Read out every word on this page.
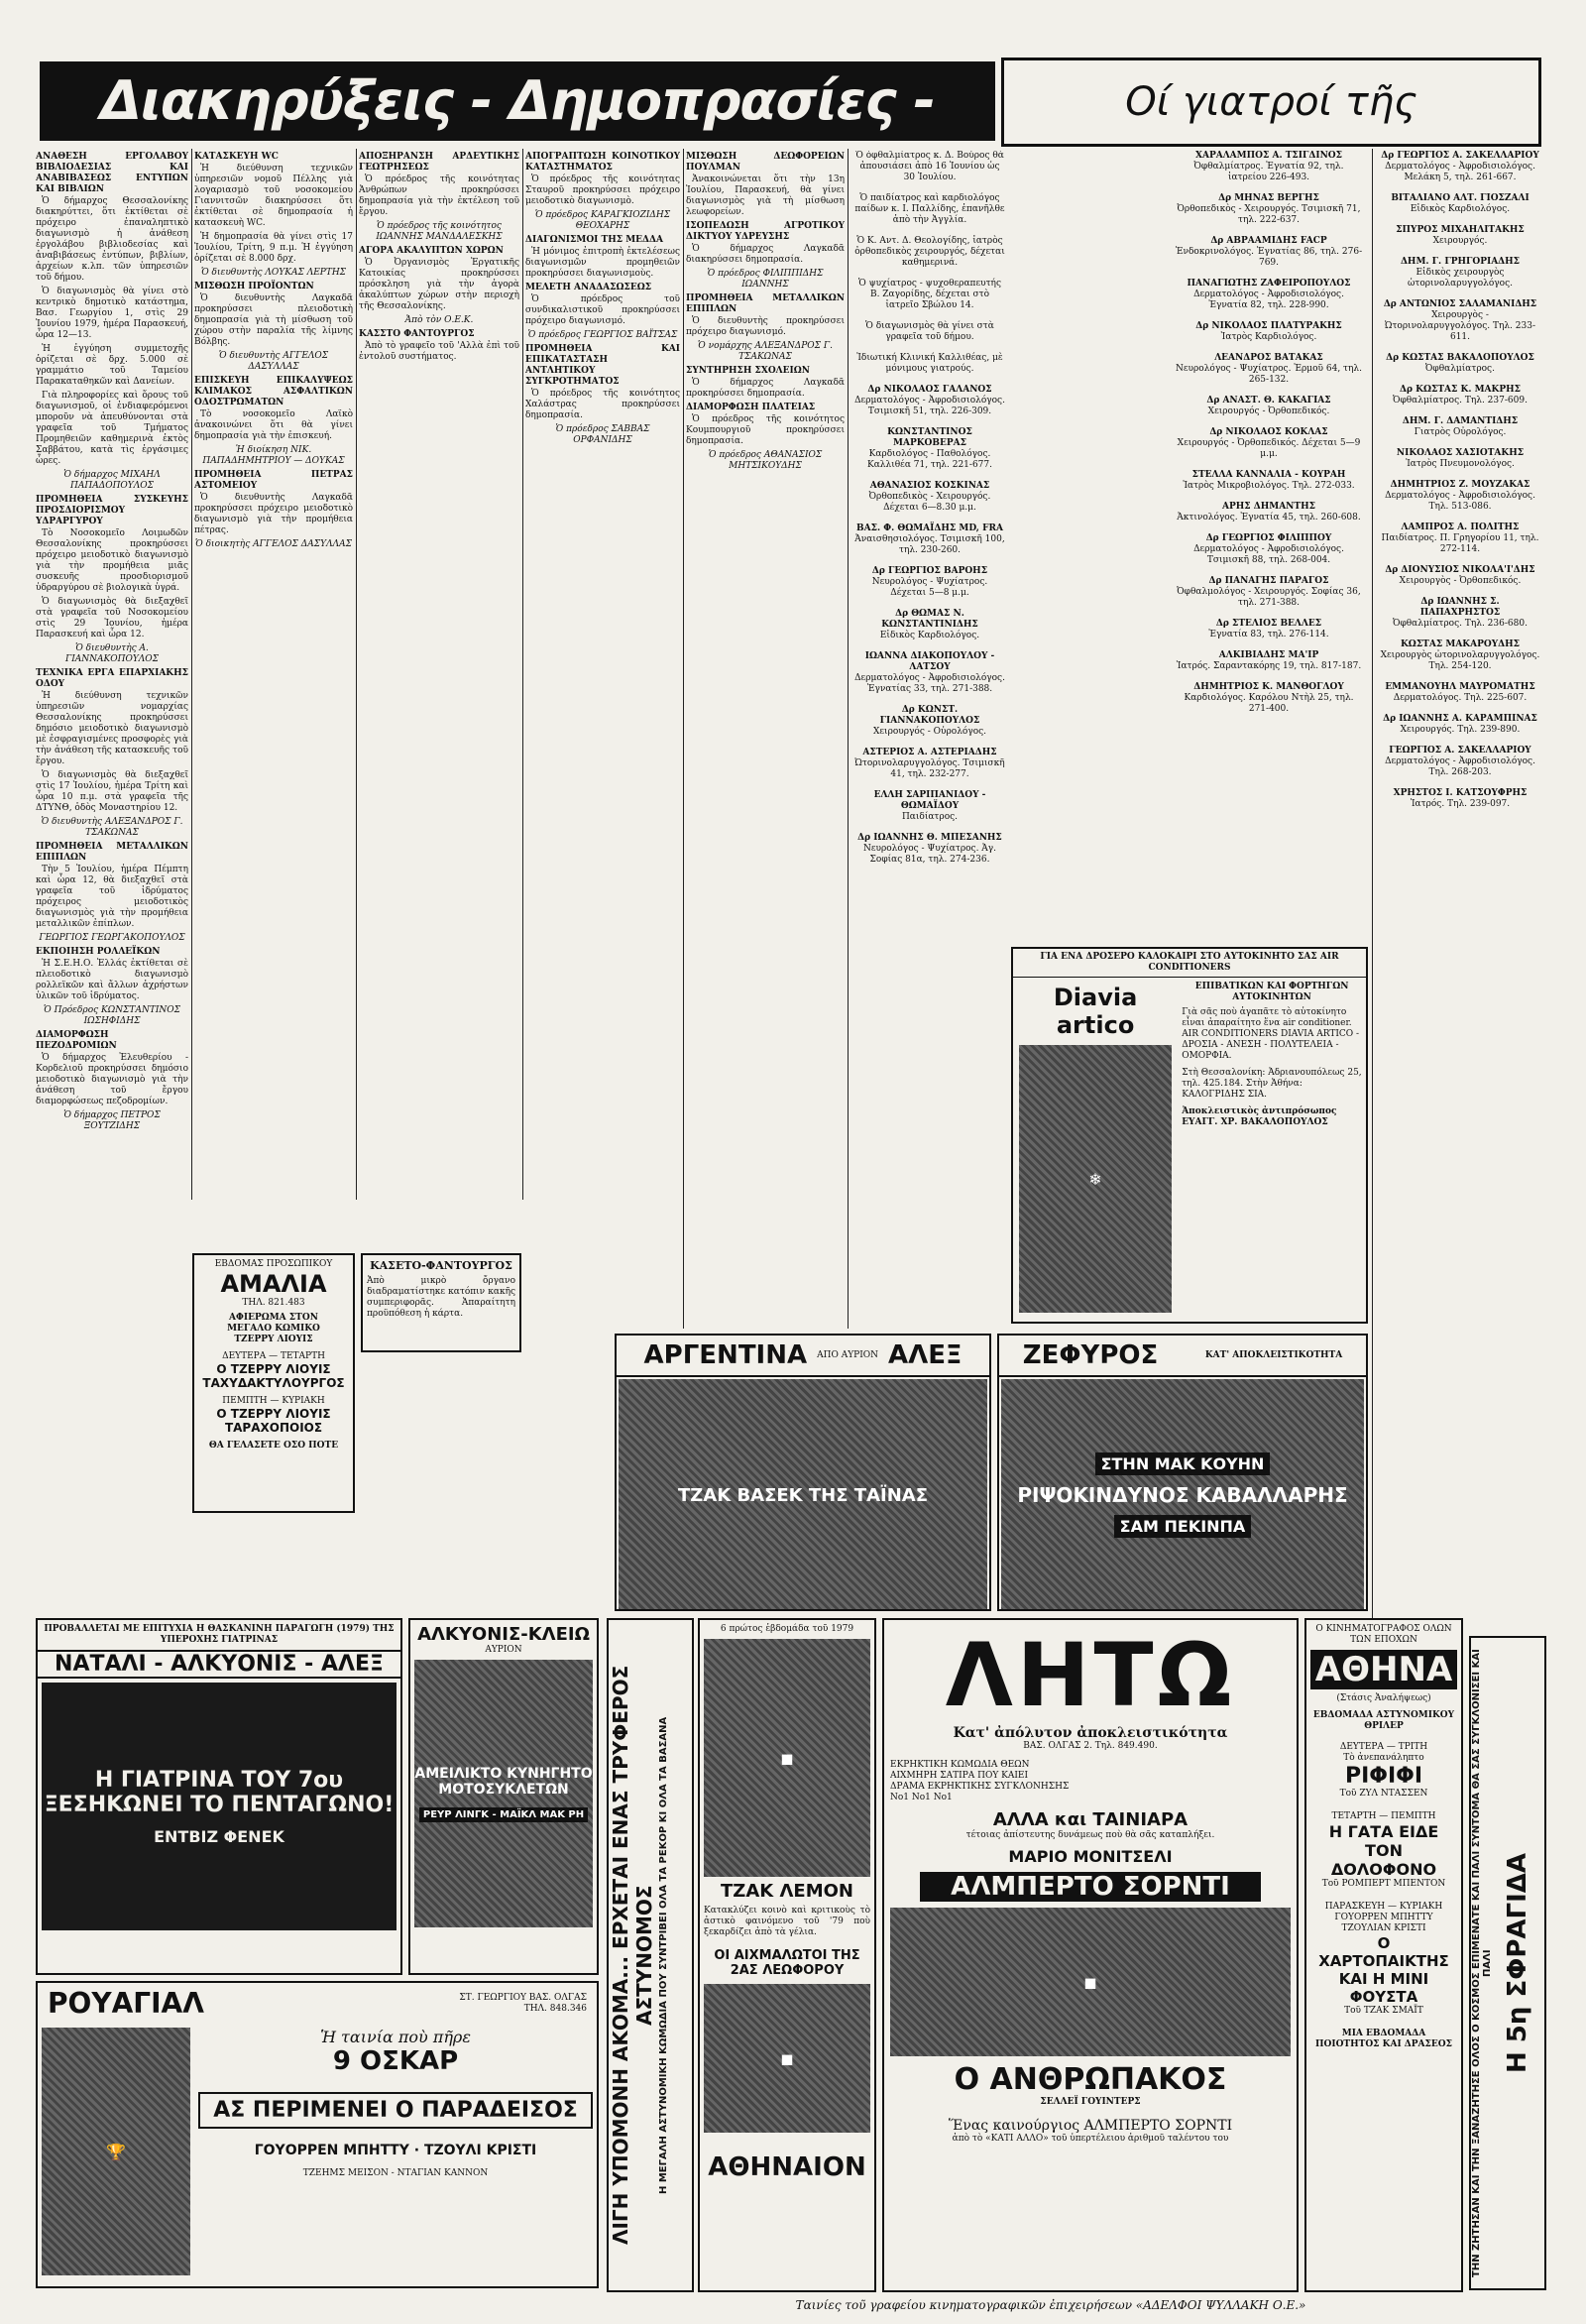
Διακηρύξεις - Δημοπρασίες -	Οί γιατροί τῆς
ΑΝΑΘΕΣΗ ΕΡΓΟΛΑΒΟΥ ΒΙΒΛΙΟΔΕΣΙΑΣ ΚΑΙ ΑΝΑΒΙΒΑΣΕΩΣ ΕΝΤΥΠΩΝ ΚΑΙ ΒΙΒΛΙΩΝ

Ὁ δήμαρχος Θεσσαλονίκης διακηρύττει, ὅτι ἐκτίθεται σὲ πρόχειρο ἐπαναληπτικὸ διαγωνισμὸ ἡ ἀνάθεση ἐργολάβου βιβλιοδεσίας καὶ ἀναβιβάσεως ἐντύπων, βιβλίων, ἀρχείων κ.λπ. τῶν ὑπηρεσιῶν τοῦ δήμου.

Ὁ διαγωνισμὸς θὰ γίνει στὸ κεντρικὸ δημοτικὸ κατάστημα, Βασ. Γεωργίου 1, στὶς 29 Ἰουνίου 1979, ἡμέρα Παρασκευή, ὧρα 12—13.

Ἡ ἐγγύηση συμμετοχῆς ὁρίζεται σὲ δρχ. 5.000 σὲ γραμμάτιο τοῦ Ταμείου Παρακαταθηκῶν καὶ Δανείων.

Γιὰ πληροφορίες καὶ ὅρους τοῦ διαγωνισμοῦ, οἱ ἐνδιαφερόμενοι μποροῦν νὰ ἀπευθύνονται στὰ γραφεῖα τοῦ Τμήματος Προμηθειῶν καθημερινὰ ἐκτὸς Σαββάτου, κατὰ τὶς ἐργάσιμες ὧρες.

Ὁ δήμαρχος ΜΙΧΑΗΛ ΠΑΠΑΔΟΠΟΥΛΟΣ

ΠΡΟΜΗΘΕΙΑ ΣΥΣΚΕΥΗΣ ΠΡΟΣΔΙΟΡΙΣΜΟΥ ΥΔΡΑΡΓΥΡΟΥ

Τὸ Νοσοκομεῖο Λοιμωδῶν Θεσσαλονίκης προκηρύσσει πρόχειρο μειοδοτικὸ διαγωνισμὸ γιὰ τὴν προμήθεια μιᾶς συσκευῆς προσδιορισμοῦ ὑδραργύρου σὲ βιολογικὰ ὑγρά.

Ὁ διαγωνισμὸς θὰ διεξαχθεῖ στὰ γραφεῖα τοῦ Νοσοκομείου στὶς 29 Ἰουνίου, ἡμέρα Παρασκευή καὶ ὧρα 12.

Ὁ διευθυντὴς Α. ΓΙΑΝΝΑΚΟΠΟΥΛΟΣ

ΤΕΧΝΙΚΑ ΕΡΓΑ ΕΠΑΡΧΙΑΚΗΣ ΟΔΟΥ

Ἡ διεύθυνση τεχνικῶν ὑπηρεσιῶν νομαρχίας Θεσσαλονίκης προκηρύσσει δημόσιο μειοδοτικὸ διαγωνισμὸ μὲ ἐσφραγισμένες προσφορὲς γιὰ τὴν ἀνάθεση τῆς κατασκευῆς τοῦ ἔργου.

Ὁ διαγωνισμὸς θὰ διεξαχθεῖ στὶς 17 Ἰουλίου, ἡμέρα Τρίτη καὶ ὧρα 10 π.μ. στὰ γραφεῖα τῆς ΔΤΥΝΘ, ὁδὸς Μοναστηρίου 12.

Ὁ διευθυντὴς ΑΛΕΞΑΝΔΡΟΣ Γ. ΤΣΑΚΩΝΑΣ

ΠΡΟΜΗΘΕΙΑ ΜΕΤΑΛΛΙΚΩΝ ΕΠΙΠΛΩΝ

Τὴν 5 Ἰουλίου, ἡμέρα Πέμπτη καὶ ὧρα 12, θὰ διεξαχθεῖ στὰ γραφεῖα τοῦ ἱδρύματος πρόχειρος μειοδοτικὸς διαγωνισμὸς γιὰ τὴν προμήθεια μεταλλικῶν ἐπίπλων.

ΓΕΩΡΓΙΟΣ ΓΕΩΡΓΑΚΟΠΟΥΛΟΣ

ΕΚΠΟΙΗΣΗ ΡΟΛΛΕΪΚΩΝ

Ἡ Σ.Ε.Η.Ο. Ἑλλάς ἐκτίθεται σὲ πλειοδοτικὸ διαγωνισμὸ ρολλεϊκῶν καὶ ἄλλων ἀχρήστων ὑλικῶν τοῦ ἱδρύματος.

Ὁ Πρόεδρος ΚΩΝΣΤΑΝΤΙΝΟΣ ΙΩΣΗΦΙΔΗΣ

ΔΙΑΜΟΡΦΩΣΗ ΠΕΖΟΔΡΟΜΙΩΝ

Ὁ δήμαρχος Ἐλευθερίου - Κορδελιοῦ προκηρύσσει δημόσιο μειοδοτικὸ διαγωνισμὸ γιὰ τὴν ἀνάθεση τοῦ ἔργου διαμορφώσεως πεζοδρομίων.

Ὁ δήμαρχος ΠΕΤΡΟΣ ΞΟΥΤΖΙΔΗΣ

ΚΑΤΑΣΚΕΥΗ WC

Ἡ διεύθυνση τεχνικῶν ὑπηρεσιῶν νομοῦ Πέλλης γιὰ λογαριασμὸ τοῦ νοσοκομείου Γιαννιτσῶν διακηρύσσει ὅτι ἐκτίθεται σὲ δημοπρασία ἡ κατασκευὴ WC.

Ἡ δημοπρασία θὰ γίνει στὶς 17 Ἰουλίου, Τρίτη, 9 π.μ. Ἡ ἐγγύηση ὁρίζεται σὲ 8.000 δρχ.

Ὁ διευθυντὴς ΛΟΥΚΑΣ ΛΕΡΤΗΣ

ΜΙΣΘΩΣΗ ΠΡΟΪΟΝΤΩΝ

Ὁ διευθυντὴς Λαγκαδᾶ προκηρύσσει πλειοδοτικὴ δημοπρασία γιὰ τὴ μίσθωση τοῦ χώρου στὴν παραλία τῆς λίμνης Βόλβης.

Ὁ διευθυντὴς ΑΓΓΕΛΟΣ ΔΑΣΥΛΛΑΣ

ΕΠΙΣΚΕΥΗ ΕΠΙΚΑΛΥΨΕΩΣ ΚΛΙΜΑΚΟΣ ΑΣΦΑΛΤΙΚΩΝ ΟΔΟΣΤΡΩΜΑΤΩΝ

Τὸ νοσοκομεῖο Λαϊκὸ ἀνακοινώνει ὅτι θὰ γίνει δημοπρασία γιὰ τὴν ἐπισκευή.

Ἡ διοίκηση ΝΙΚ. ΠΑΠΑΔΗΜΗΤΡΙΟΥ — ΔΟΥΚΑΣ

ΠΡΟΜΗΘΕΙΑ ΠΕΤΡΑΣ ΑΣΤΟΜΕΙΟΥ

Ὁ διευθυντὴς Λαγκαδᾶ προκηρύσσει πρόχειρο μειοδοτικὸ διαγωνισμὸ γιὰ τὴν προμήθεια πέτρας.

Ὁ διοικητὴς ΑΓΓΕΛΟΣ ΔΑΣΥΛΛΑΣ

ΑΠΟΞΗΡΑΝΣΗ ΑΡΔΕΥΤΙΚΗΣ ΓΕΩΤΡΗΣΕΩΣ

Ὁ πρόεδρος τῆς κοινότητας Ἀνθρώπων προκηρύσσει δημοπρασία γιὰ τὴν ἐκτέλεση τοῦ ἔργου.

Ὁ πρόεδρος τῆς κοινότητος ΙΩΑΝΝΗΣ ΜΑΝΔΑΛΕΣΚΗΣ

ΑΓΟΡΑ ΑΚΑΛΥΠΤΩΝ ΧΩΡΩΝ

Ὁ Ὀργανισμὸς Ἐργατικῆς Κατοικίας προκηρύσσει πρόσκληση γιὰ τὴν ἀγορὰ ἀκαλύπτων χώρων στὴν περιοχὴ τῆς Θεσσαλονίκης.

Ἀπὸ τὸν Ο.Ε.Κ.

ΚΑΣΣΤΟ ΦΑΝΤΟΥΡΓΟΣ

Ἀπὸ τὸ γραφεῖο τοῦ 'Αλλὰ ἐπὶ τοῦ ἐντολοῦ συστήματος.

ΑΠΟΓΡΑΠΤΩΣΗ ΚΟΙΝΟΤΙΚΟΥ ΚΑΤΑΣΤΗΜΑΤΟΣ

Ὁ πρόεδρος τῆς κοινότητας Σταυροῦ προκηρύσσει πρόχειρο μειοδοτικὸ διαγωνισμὸ.

Ὁ πρόεδρος ΚΑΡΑΓΚΙΟΖΙΔΗΣ ΘΕΟΧΑΡΗΣ

ΔΙΑΓΩΝΙΣΜΟΙ ΤΗΣ ΜΕΔΔΑ

Ἡ μόνιμος ἐπιτροπὴ ἐκτελέσεως διαγωνισμῶν προμηθειῶν προκηρύσσει διαγωνισμοὺς.

ΜΕΛΕΤΗ ΑΝΑΔΑΣΩΣΕΩΣ

Ὁ πρόεδρος τοῦ συνδικαλιστικοῦ προκηρύσσει πρόχειρο διαγωνισμό.

Ὁ πρόεδρος ΓΕΩΡΓΙΟΣ ΒΑΪΤΣΑΣ

ΠΡΟΜΗΘΕΙΑ ΚΑΙ ΕΠΙΚΑΤΑΣΤΑΣΗ ΑΝΤΛΗΤΙΚΟΥ ΣΥΓΚΡΟΤΗΜΑΤΟΣ

Ὁ πρόεδρος τῆς κοινότητος Χαλάστρας προκηρύσσει δημοπρασία.

Ὁ πρόεδρος ΣΑΒΒΑΣ ΟΡΦΑΝΙΔΗΣ

ΜΙΣΘΩΣΗ ΔΕΩΦΟΡΕΙΩΝ ΠΟΥΛΜΑΝ

Ἀνακοινώνεται ὅτι τὴν 13η Ἰουλίου, Παρασκευή, θὰ γίνει διαγωνισμὸς γιὰ τὴ μίσθωση λεωφορείων.

ΙΣΟΠΕΔΩΣΗ ΑΓΡΟΤΙΚΟΥ ΔΙΚΤΥΟΥ ΥΔΡΕΥΣΗΣ

Ὁ δήμαρχος Λαγκαδᾶ διακηρύσσει δημοπρασία.

Ὁ πρόεδρος ΦΙΛΙΠΠΙΔΗΣ ΙΩΑΝΝΗΣ

ΠΡΟΜΗΘΕΙΑ ΜΕΤΑΛΛΙΚΩΝ ΕΠΙΠΛΩΝ

Ὁ διευθυντὴς προκηρύσσει πρόχειρο διαγωνισμό.

Ὁ νομάρχης ΑΛΕΞΑΝΔΡΟΣ Γ. ΤΣΑΚΩΝΑΣ

ΣΥΝΤΗΡΗΣΗ ΣΧΟΛΕΙΩΝ

Ὁ δήμαρχος Λαγκαδᾶ προκηρύσσει δημοπρασία.

ΔΙΑΜΟΡΦΩΣΗ ΠΛΑΤΕΙΑΣ

Ὁ πρόεδρος τῆς κοινότητος Κουμπουργιοῦ προκηρύσσει δημοπρασία.

Ὁ πρόεδρος ΑΘΑΝΑΣΙΟΣ ΜΗΤΣΙΚΟΥΔΗΣ

Ὁ ὀφθαλμίατρος κ. Δ. Βούρος θὰ ἀπουσιάσει ἀπὸ 16 Ἰουνίου ὡς 30 Ἰουλίου.
Ὁ παιδίατρος καὶ καρδιολόγος παίδων κ. Ι. Παλλίδης, ἐπανῆλθε ἀπὸ τὴν Ἀγγλία.
Ὁ Κ. Αντ. Δ. Θεολογίδης, ἰατρὸς ὀρθοπεδικὸς χειρουργός, δέχεται καθημερινά.
Ὁ ψυχίατρος - ψυχοθεραπευτής Β. Ζαγορίδης, δέχεται στὸ ἰατρεῖο Σβώλου 14.
Ὁ διαγωνισμὸς θὰ γίνει στὰ γραφεῖα τοῦ δήμου.
Ἰδιωτική Κλινική Καλλιθέας, μὲ μόνιμους γιατρούς.
Δρ ΝΙΚΟΛΑΟΣ ΓΑΛΑΝΟΣ
Δερματολόγος - Ἀφροδισιολόγος. Τσιμισκῆ 51, τηλ. 226-309.
ΚΩΝΣΤΑΝΤΙΝΟΣ ΜΑΡΚΟΒΕΡΑΣ
Καρδιολόγος - Παθολόγος. Καλλιθέα 71, τηλ. 221-677.
ΑΘΑΝΑΣΙΟΣ ΚΟΣΚΙΝΑΣ
Ὀρθοπεδικὸς - Χειρουργός. Δέχεται 6—8.30 μ.μ.
ΒΑΣ. Φ. ΘΩΜΑΪΔΗΣ MD, FRA
Ἀναισθησιολόγος. Τσιμισκῆ 100, τηλ. 230-260.
Δρ ΓΕΩΡΓΙΟΣ ΒΑΡΟΗΣ
Νευρολόγος - Ψυχίατρος. Δέχεται 5—8 μ.μ.
Δρ ΘΩΜΑΣ Ν. ΚΩΝΣΤΑΝΤΙΝΙΔΗΣ
Εἰδικὸς Καρδιολόγος.
ΙΩΑΝΝΑ ΔΙΑΚΟΠΟΥΛΟΥ - ΛΑΤΣΟΥ
Δερματολόγος - Ἀφροδισιολόγος. Ἐγνατίας 33, τηλ. 271-388.
Δρ ΚΩΝΣΤ. ΓΙΑΝΝΑΚΟΠΟΥΛΟΣ
Χειρουργός - Οὐρολόγος.
ΑΣΤΕΡΙΟΣ Α. ΑΣΤΕΡΙΑΔΗΣ
Ὠτορινολαρυγγολόγος. Τσιμισκῆ 41, τηλ. 232-277.
ΕΛΛΗ ΣΑΡΙΠΑΝΙΔΟΥ - ΘΩΜΑΪΔΟΥ
Παιδίατρος.
Δρ ΙΩΑΝΝΗΣ Θ. ΜΠΕΣΑΝΗΣ
Νευρολόγος - Ψυχίατρος. Ἀγ. Σοφίας 81α, τηλ. 274-236.
ΧΑΡΑΛΑΜΠΟΣ Α. ΤΣΙΓΔΙΝΟΣ
Ὀφθαλμίατρος. Ἐγνατία 92, τηλ. ἰατρείου 226-493.
Δρ ΜΗΝΑΣ ΒΕΡΓΗΣ
Ὀρθοπεδικὸς - Χειρουργός. Τσιμισκῆ 71, τηλ. 222-637.
Δρ ΑΒΡΑΑΜΙΔΗΣ FACP
Ἐνδοκρινολόγος. Ἐγνατίας 86, τηλ. 276-769.
ΠΑΝΑΓΙΩΤΗΣ ΖΑΦΕΙΡΟΠΟΥΛΟΣ
Δερματολόγος - Ἀφροδισιολόγος. Ἐγνατία 82, τηλ. 228-990.
Δρ ΝΙΚΟΛΑΟΣ ΠΛΑΤΥΡΑΚΗΣ
Ἰατρὸς Καρδιολόγος.
ΛΕΑΝΔΡΟΣ ΒΑΤΑΚΑΣ
Νευρολόγος - Ψυχίατρος. Ἐρμοῦ 64, τηλ. 265-132.
Δρ ΑΝΑΣΤ. Θ. ΚΑΚΑΓΙΑΣ
Χειρουργός - Ὀρθοπεδικός.
Δρ ΝΙΚΟΛΑΟΣ ΚΟΚΛΑΣ
Χειρουργός - Ὀρθοπεδικός. Δέχεται 5—9 μ.μ.
ΣΤΕΛΛΑ ΚΑΝΝΑΛΙΑ - ΚΟΥΡΑΗ
Ἰατρὸς Μικροβιολόγος. Τηλ. 272-033.
ΑΡΗΣ ΔΗΜΑΝΤΗΣ
Ἀκτινολόγος. Ἐγνατία 45, τηλ. 260-608.
Δρ ΓΕΩΡΓΙΟΣ ΦΙΛΙΠΠΟΥ
Δερματολόγος - Ἀφροδισιολόγος. Τσιμισκῆ 88, τηλ. 268-004.
Δρ ΠΑΝΑΓΗΣ ΠΑΡΑΓΟΣ
Ὀφθαλμολόγος - Χειρουργός. Σοφίας 36, τηλ. 271-388.
Δρ ΣΤΕΛΙΟΣ ΒΕΛΛΕΣ
Ἐγνατία 83, τηλ. 276-114.
ΑΛΚΙΒΙΑΔΗΣ ΜΑ'ΙΡ
Ἰατρός. Σαραντακόρης 19, τηλ. 817-187.
ΔΗΜΗΤΡΙΟΣ Κ. ΜΑΝΘΟΓΛΟΥ
Καρδιολόγος. Καρόλου Ντὴλ 25, τηλ. 271-400.
Δρ ΓΕΩΡΓΙΟΣ Α. ΣΑΚΕΛΛΑΡΙΟΥ
Δερματολόγος - Ἀφροδισιολόγος. Μελάκη 5, τηλ. 261-667.
ΒΙΤΑΛΙΑΝΟ ΑΛΤ. ΓΙΟΣΖΑΛΙ
Εἰδικὸς Καρδιολόγος.
ΣΠΥΡΟΣ ΜΙΧΑΗΛΙΤΑΚΗΣ
Χειρουργός.
ΔΗΜ. Γ. ΓΡΗΓΟΡΙΑΔΗΣ
Εἰδικὸς χειρουργὸς ὠτορινολαρυγγολόγος.
Δρ ΑΝΤΩΝΙΟΣ ΣΑΛΑΜΑΝΙΔΗΣ
Χειρουργὸς - Ὠτορινολαρυγγολόγος. Τηλ. 233-611.
Δρ ΚΩΣΤΑΣ ΒΑΚΑΛΟΠΟΥΛΟΣ
Ὀφθαλμίατρος.
Δρ ΚΩΣΤΑΣ Κ. ΜΑΚΡΗΣ
Ὀφθαλμίατρος. Τηλ. 237-609.
ΔΗΜ. Γ. ΔΑΜΑΝΤΙΔΗΣ
Γιατρὸς Οὐρολόγος.
ΝΙΚΟΛΑΟΣ ΧΑΣΙΟΤΑΚΗΣ
Ἰατρὸς Πνευμονολόγος.
ΔΗΜΗΤΡΙΟΣ Ζ. ΜΟΥΖΑΚΑΣ
Δερματολόγος - Ἀφροδισιολόγος. Τηλ. 513-086.
ΛΑΜΠΡΟΣ Α. ΠΟΛΙΤΗΣ
Παιδίατρος. Π. Γρηγορίου 11, τηλ. 272-114.
Δρ ΔΙΟΝΥΣΙΟΣ ΝΙΚΟΛΑ'Ι'ΔΗΣ
Χειρουργὸς - Ὀρθοπεδικός.
Δρ ΙΩΑΝΝΗΣ Σ. ΠΑΠΑΧΡΗΣΤΟΣ
Ὀφθαλμίατρος. Τηλ. 236-680.
ΚΩΣΤΑΣ ΜΑΚΑΡΟΥΔΗΣ
Χειρουργὸς ὠτορινολαρυγγολόγος. Τηλ. 254-120.
ΕΜΜΑΝΟΥΗΛ ΜΑΥΡΟΜΑΤΗΣ
Δερματολόγος. Τηλ. 225-607.
Δρ ΙΩΑΝΝΗΣ Α. ΚΑΡΑΜΠΙΝΑΣ
Χειρουργός. Τηλ. 239-890.
ΓΕΩΡΓΙΟΣ Α. ΣΑΚΕΛΛΑΡΙΟΥ
Δερματολόγος - Ἀφροδισιολόγος. Τηλ. 268-203.
ΧΡΗΣΤΟΣ Ι. ΚΑΤΣΟΥΦΡΗΣ
Ἰατρός. Τηλ. 239-097.
ΓΙΑ ΕΝΑ ΔΡΟΣΕΡΟ ΚΑΛΟΚΑΙΡΙ ΣΤΟ ΑΥΤΟΚΙΝΗΤΟ ΣΑΣ AIR CONDITIONERS
Diavia artico
❄
ΕΠΙΒΑΤΙΚΩΝ ΚΑΙ ΦΟΡΤΗΓΩΝ ΑΥΤΟΚΙΝΗΤΩΝ
Γιὰ σᾶς ποὺ ἀγαπᾶτε τὸ αὐτοκίνητο εἶναι ἀπαραίτητο ἕνα air conditioner. AIR CONDITIONERS DIAVIA ARTICO - ΔΡΟΣΙΑ - ΑΝΕΣΗ - ΠΟΛΥΤΕΛΕΙΑ - ΟΜΟΡΦΙΑ.
Στὴ Θεσσαλονίκη: Ἀδριανουπόλεως 25, τηλ. 425.184. Στὴν Ἀθήνα: ΚΑΛΟΓΡΙΔΗΣ ΣΙΑ.
Ἀποκλειστικὸς ἀντιπρόσωπος ΕΥΑΓΓ. ΧΡ. ΒΑΚΑΛΟΠΟΥΛΟΣ
ΕΒΔΟΜΑΣ ΠΡΟΣΩΠΙΚΟΥ
ΑΜΑΛΙΑ
ΤΗΛ. 821.483
ΑΦΙΕΡΩΜΑ ΣΤΟΝ
ΜΕΓΑΛΟ ΚΩΜΙΚΟ
ΤΖΕΡΡΥ ΛΙΟΥΙΣ
ΔΕΥΤΕΡΑ — ΤΕΤΑΡΤΗ
Ο ΤΖΕΡΡΥ ΛΙΟΥΙΣ ΤΑΧΥΔΑΚΤΥΛΟΥΡΓΟΣ
ΠΕΜΠΤΗ — ΚΥΡΙΑΚΗ
Ο ΤΖΕΡΡΥ ΛΙΟΥΙΣ ΤΑΡΑΧΟΠΟΙΟΣ
ΘΑ ΓΕΛΑΣΕΤΕ ΟΣΟ ΠΟΤΕ
ΚΑΣΕΤΟ-ΦΑΝΤΟΥΡΓΟΣ
Ἀπὸ μικρὸ ὄργανο διαδραματίστηκε κατόπιν κακῆς συμπεριφορᾶς. Ἀπαραίτητη προϋπόθεση ἡ κάρτα.
ΑΡΓΕΝΤΙΝΑ ΑΠΟ ΑΥΡΙΟΝ ΑΛΕΞ
ΤΖΑΚ ΒΑΣΕΚ ΤΗΣ ΤΑΪΝΑΣ
ΖΕΦΥΡΟΣ	ΚΑΤ' ΑΠΟΚΛΕΙΣΤΙΚΟΤΗΤΑ
ΣΤΗΝ ΜΑΚ ΚΟΥΗΝ
ΡΙΨΟΚΙΝΔΥΝΟΣ ΚΑΒΑΛΛΑΡΗΣ
ΣΑΜ ΠΕΚΙΝΠΑ
ΠΡΟΒΑΛΛΕΤΑΙ ΜΕ ΕΠΙΤΥΧΙΑ Η ΘΑΣΚΑΝΙΝΗ ΠΑΡΑΓΩΓΗ (1979) ΤΗΣ ΥΠΕΡΟΧΗΣ ΓΙΑΤΡΙΝΑΣ
ΝΑΤΑΛΙ - ΑΛΚΥΟΝΙΣ - ΑΛΕΞ
Η ΓΙΑΤΡΙΝΑ ΤΟΥ 7ου ΞΕΣΗΚΩΝΕΙ ΤΟ ΠΕΝΤΑΓΩΝΟ!
ΕΝΤΒΙΖ ΦΕΝΕΚ
ΑΛΚΥΟΝΙΣ-ΚΛΕΙΩ
ΑΥΡΙΟΝ
ΑΜΕΙΛΙΚΤΟ ΚΥΝΗΓΗΤΟ ΜΟΤΟΣΥΚΛΕΤΩΝ
ΡΕΥΡ ΛΙΝΓΚ - ΜΑΪΚΛ ΜΑΚ ΡΗ
ΡΟΥΑΓΙΑΛ	ΣΤ. ΓΕΩΡΓΙΟΥ ΒΑΣ. ΟΛΓΑΣ
ΤΗΛ. 848.346
🏆
Ἡ ταινία ποὺ πῆρε
9 ΟΣΚΑΡ
ΑΣ ΠΕΡΙΜΕΝΕΙ Ο ΠΑΡΑΔΕΙΣΟΣ
ΓΟΥΟΡΡΕΝ ΜΠΗΤΤΥ · ΤΖΟΥΛΙ ΚΡΙΣΤΙ
ΤΖΕΗΜΣ ΜΕΙΣΟΝ - ΝΤΑΓΙΑΝ ΚΑΝΝΟΝ	ΛΙΓΗ ΥΠΟΜΟΝΗ ΑΚΟΜΑ... ΕΡΧΕΤΑΙ ΕΝΑΣ ΤΡΥΦΕΡΟΣ ΑΣΤΥΝΟΜΟΣ Η ΜΕΓΑΛΗ ΑΣΤΥΝΟΜΙΚΗ ΚΩΜΩΔΙΑ ΠΟΥ ΣΥΝΤΡΙΒΕΙ ΟΛΑ ΤΑ ΡΕΚΟΡ ΚΙ ΟΛΑ ΤΑ ΒΑΣΑΝΑ
6 πρώτος ἑβδομάδα τοῦ 1979
◼
ΤΖΑΚ ΛΕΜΟΝ
Κατακλύζει κοινὸ καὶ κριτικοὺς τὸ ἀστικὸ φαινόμενο τοῦ '79 ποὺ ξεκαρδίζει ἀπὸ τὰ γέλια.
ΟΙ ΑΙΧΜΑΛΩΤΟΙ ΤΗΣ 2ΑΣ ΛΕΩΦΟΡΟΥ
◼
ΑΘΗΝΑΙΟΝ
ΛΗΤΩ
Κατ' ἀπόλυτον ἀποκλειστικότητα
ΒΑΣ. ΟΛΓΑΣ 2. Τηλ. 849.490.
ΕΚΡΗΚΤΙΚΗ ΚΩΜΩΔΙΑ ΘΕΩΝ
ΑΙΧΜΗΡΗ ΣΑΤΙΡΑ ΠΟΥ ΚΑΙΕΙ
ΔΡΑΜΑ ΕΚΡΗΚΤΙΚΗΣ ΣΥΓΚΛΟΝΗΣΗΣ
Νο1 Νο1 Νο1
ΑΛΛΑ και ΤΑΙΝΙΑΡΑ
τέτοιας ἀπίστευτης δυνάμεως ποὺ θὰ σᾶς καταπλήξει.
ΜΑΡΙΟ ΜΟΝΙΤΣΕΛΙ
ΑΛΜΠΕΡΤΟ ΣΟΡΝΤΙ
◼
Ο ΑΝΘΡΩΠΑΚΟΣ
ΣΕΛΛΕΪ ΓΟΥΙΝΤΕΡΣ
Ἕνας καινούργιος ΑΛΜΠΕΡΤΟ ΣΟΡΝΤΙ
ἀπὸ τὸ «ΚΑΤΙ ΑΛΛΟ» τοῦ ὑπερτέλειου ἀριθμοῦ ταλέντου του
Ο ΚΙΝΗΜΑΤΟΓΡΑΦΟΣ ΟΛΩΝ ΤΩΝ ΕΠΟΧΩΝ
ΑΘΗΝΑ
(Στάσις Ἀναλήψεως)
ΕΒΔΟΜΑΔΑ ΑΣΤΥΝΟΜΙΚΟΥ ΘΡΙΛΕΡ
ΔΕΥΤΕΡΑ — ΤΡΙΤΗ
Τὸ ἀνεπανάληπτο
ΡΙΦΙΦΙ
Τοῦ ΖΥΛ ΝΤΑΣΣΕΝ
ΤΕΤΑΡΤΗ — ΠΕΜΠΤΗ
Η ΓΑΤΑ ΕΙΔΕ ΤΟΝ ΔΟΛΟΦΟΝΟ
Τοῦ ΡΟΜΠΕΡΤ ΜΠΕΝΤΟΝ
ΠΑΡΑΣΚΕΥΗ — ΚΥΡΙΑΚΗ
ΓΟΥΟΡΡΕΝ ΜΠΗΤΤΥ ΤΖΟΥΛΙΑΝ ΚΡΙΣΤΙ
Ο ΧΑΡΤΟΠΑΙΚΤΗΣ ΚΑΙ Η ΜΙΝΙ ΦΟΥΣΤΑ
Τοῦ ΤΖΑΚ ΣΜΑΪΤ
ΜΙΑ ΕΒΔΟΜΑΔΑ ΠΟΙΟΤΗΤΟΣ ΚΑΙ ΔΡΑΣΕΟΣ	ΤΗΝ ΖΗΤΗΣΑΝ ΚΑΙ ΤΗΝ ΞΑΝΑΖΗΤΗΣΕ ΟΛΟΣ Ο ΚΟΣΜΟΣ ΕΠΙΜΕΝΑΤΕ ΚΑΙ ΠΑΛΙ ΣΥΝΤΟΜΑ ΘΑ ΣΑΣ ΣΥΓΚΛΟΝΙΣΕΙ ΚΑΙ ΠΑΛΙ Η 5η ΣΦΡΑΓΙΔΑ
Ταινίες τοῦ γραφείου κινηματογραφικῶν ἐπιχειρήσεων «ΑΔΕΛΦΟΙ ΨΥΛΛΑΚΗ Ο.Ε.»
